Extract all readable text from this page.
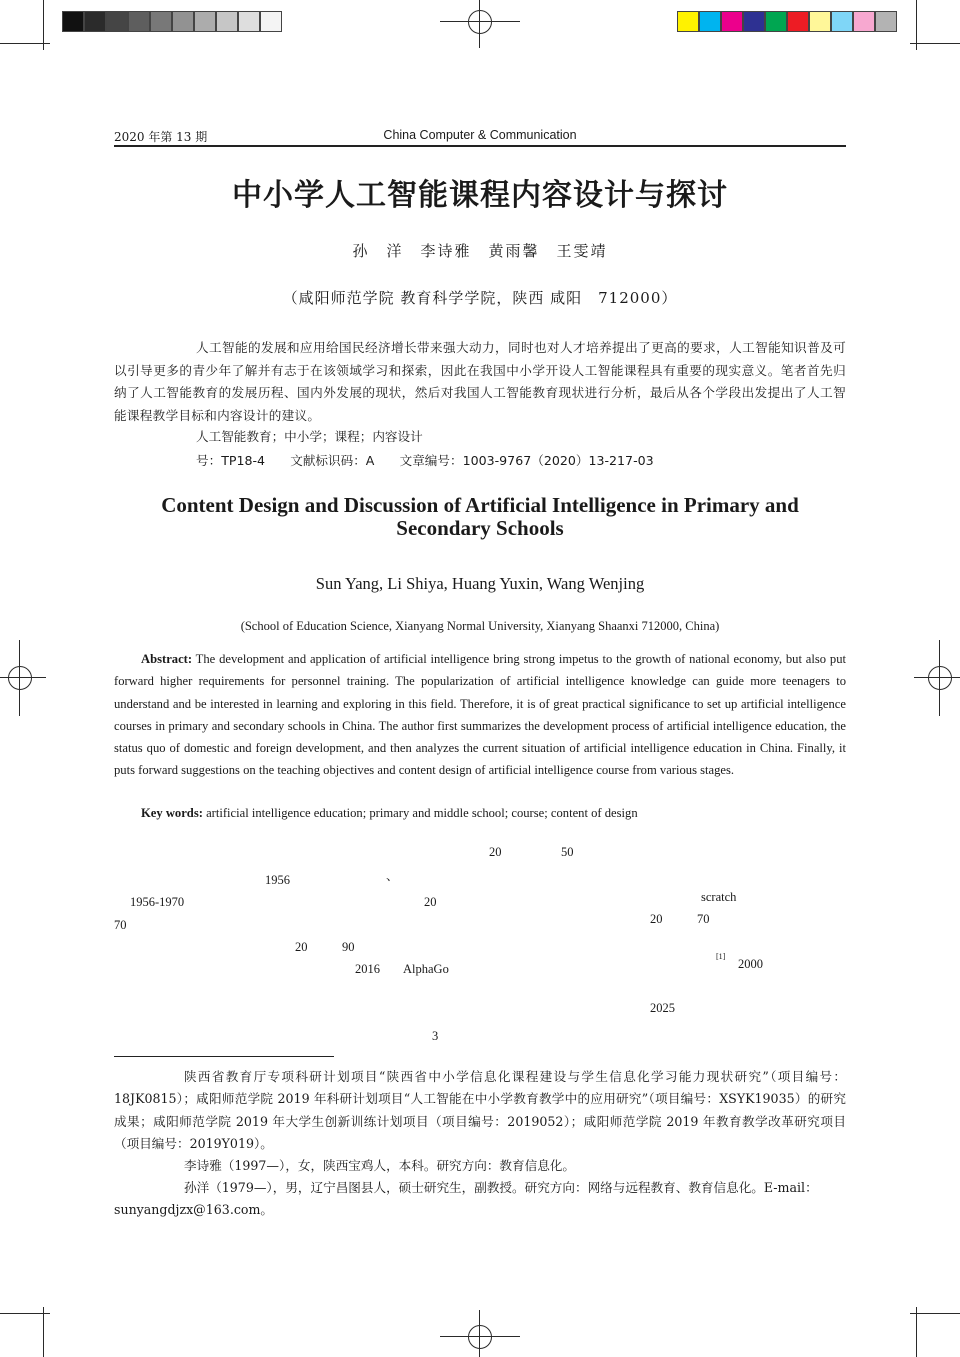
2020 年第 13 期	China Computer & Communication
中小学人工智能课程内容设计与探讨
孙　洋　李诗雅　黄雨馨　王雯靖
（咸阳师范学院 教育科学学院，陕西 咸阳　712000）
人工智能的发展和应用给国民经济增长带来强大动力，同时也对人才培养提出了更高的要求，人工智能知识普及可以引导更多的青少年了解并有志于在该领域学习和探索，因此在我国中小学开设人工智能课程具有重要的现实意义。笔者首先归纳了人工智能教育的发展历程、国内外发展的现状，然后对我国人工智能教育现状进行分析，最后从各个学段出发提出了人工智能课程教学目标和内容设计的建议。
人工智能教育；中小学；课程；内容设计
号：TP18-4　　文献标识码：A　　文章编号：1003-9767（2020）13-217-03
Content Design and Discussion of Artificial Intelligence in Primary and Secondary Schools
Sun Yang, Li Shiya, Huang Yuxin, Wang Wenjing
(School of Education Science, Xianyang Normal University, Xianyang Shaanxi 712000, China)
Abstract: The development and application of artificial intelligence bring strong impetus to the growth of national economy, but also put forward higher requirements for personnel training. The popularization of artificial intelligence knowledge can guide more teenagers to understand and be interested in learning and exploring in this field. Therefore, it is of great practical significance to set up artificial intelligence courses in primary and secondary schools in China. The author first summarizes the development process of artificial intelligence education, the status quo of domestic and foreign development, and then analyzes the current situation of artificial intelligence education in China. Finally, it puts forward suggestions on the teaching objectives and content design of artificial intelligence course from various stages.
Key words: artificial intelligence education; primary and middle school; course; content of design
20	50
1956	、
1956-1970	20
70
20	90
2016 AlphaGo
scratch
20	70
[1]
2000
2025
3
陕西省教育厅专项科研计划项目“陕西省中小学信息化课程建设与学生信息化学习能力现状研究”（项目编号：18JK0815）；咸阳师范学院 2019 年科研计划项目“人工智能在中小学教育教学中的应用研究”（项目编号：XSYK19035）的研究成果；咸阳师范学院 2019 年大学生创新训练计划项目（项目编号：2019052）；咸阳师范学院 2019 年教育教学改革研究项目（项目编号：2019Y019）。
李诗雅（1997—），女，陕西宝鸡人，本科。研究方向：教育信息化。
孙洋（1979—），男，辽宁昌图县人，硕士研究生，副教授。研究方向：网络与远程教育、教育信息化。E-mail：sunyangdjzx@163.com。
